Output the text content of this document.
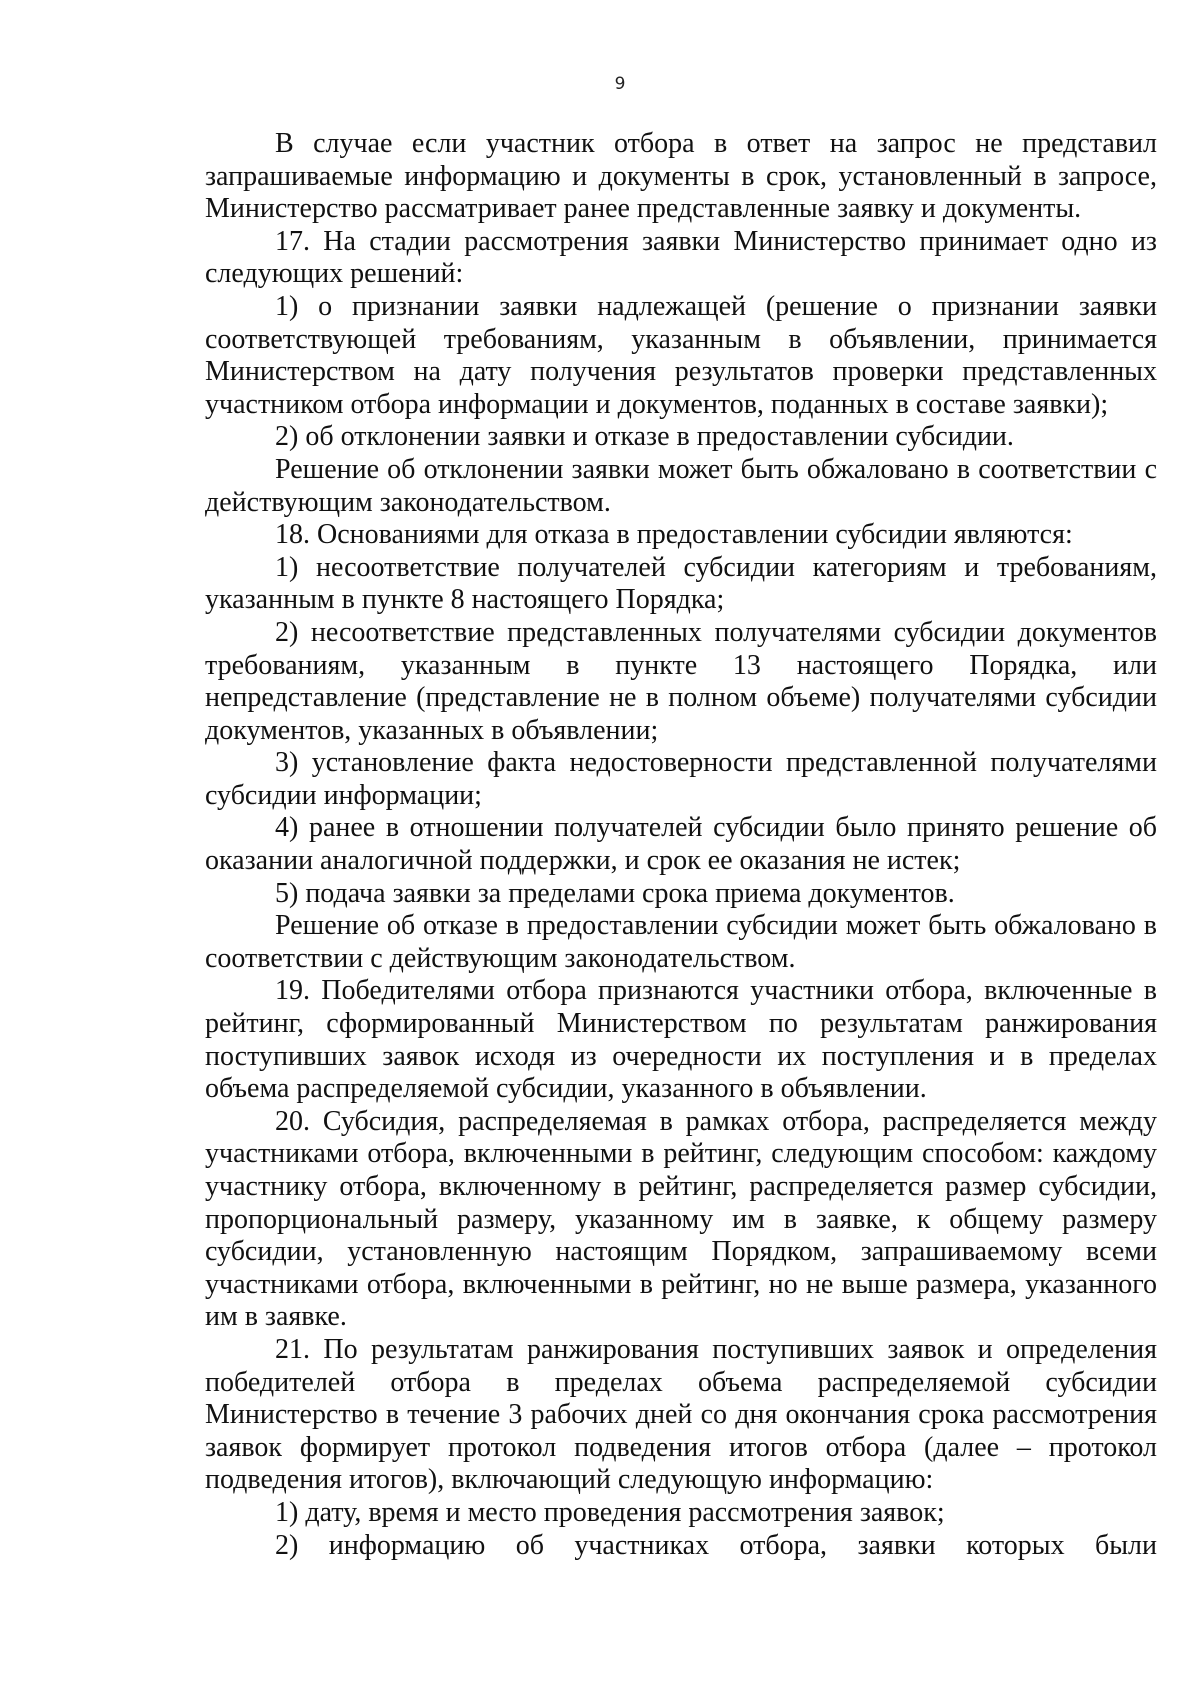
9

В случае если участник отбора в ответ на запрос не представил запрашиваемые информацию и документы в срок, установленный в запросе, Министерство рассматривает ранее представленные заявку и документы.

17. На стадии рассмотрения заявки Министерство принимает одно из следующих решений:

1) о признании заявки надлежащей (решение о признании заявки соответствующей требованиям, указанным в объявлении, принимается Министерством на дату получения результатов проверки представленных участником отбора информации и документов, поданных в составе заявки);

2) об отклонении заявки и отказе в предоставлении субсидии.

Решение об отклонении заявки может быть обжаловано в соответствии с действующим законодательством.

18. Основаниями для отказа в предоставлении субсидии являются:

1) несоответствие получателей субсидии категориям и требованиям, указанным в пункте 8 настоящего Порядка;

2) несоответствие представленных получателями субсидии документов требованиям, указанным в пункте 13 настоящего Порядка, или непредставление (представление не в полном объеме) получателями субсидии документов, указанных в объявлении;

3) установление факта недостоверности представленной получателями субсидии информации;

4) ранее в отношении получателей субсидии было принято решение об оказании аналогичной поддержки, и срок ее оказания не истек;

5) подача заявки за пределами срока приема документов.

Решение об отказе в предоставлении субсидии может быть обжаловано в соответствии с действующим законодательством.

19. Победителями отбора признаются участники отбора, включенные в рейтинг, сформированный Министерством по результатам ранжирования поступивших заявок исходя из очередности их поступления и в пределах объема распределяемой субсидии, указанного в объявлении.

20. Субсидия, распределяемая в рамках отбора, распределяется между участниками отбора, включенными в рейтинг, следующим способом: каждому участнику отбора, включенному в рейтинг, распределяется размер субсидии, пропорциональный размеру, указанному им в заявке, к общему размеру субсидии, установленную настоящим Порядком, запрашиваемому всеми участниками отбора, включенными в рейтинг, но не выше размера, указанного им в заявке.

21. По результатам ранжирования поступивших заявок и определения победителей отбора в пределах объема распределяемой субсидии Министерство в течение 3 рабочих дней со дня окончания срока рассмотрения заявок формирует протокол подведения итогов отбора (далее – протокол подведения итогов), включающий следующую информацию:

1) дату, время и место проведения рассмотрения заявок;

2) информацию об участниках отбора, заявки которых были
